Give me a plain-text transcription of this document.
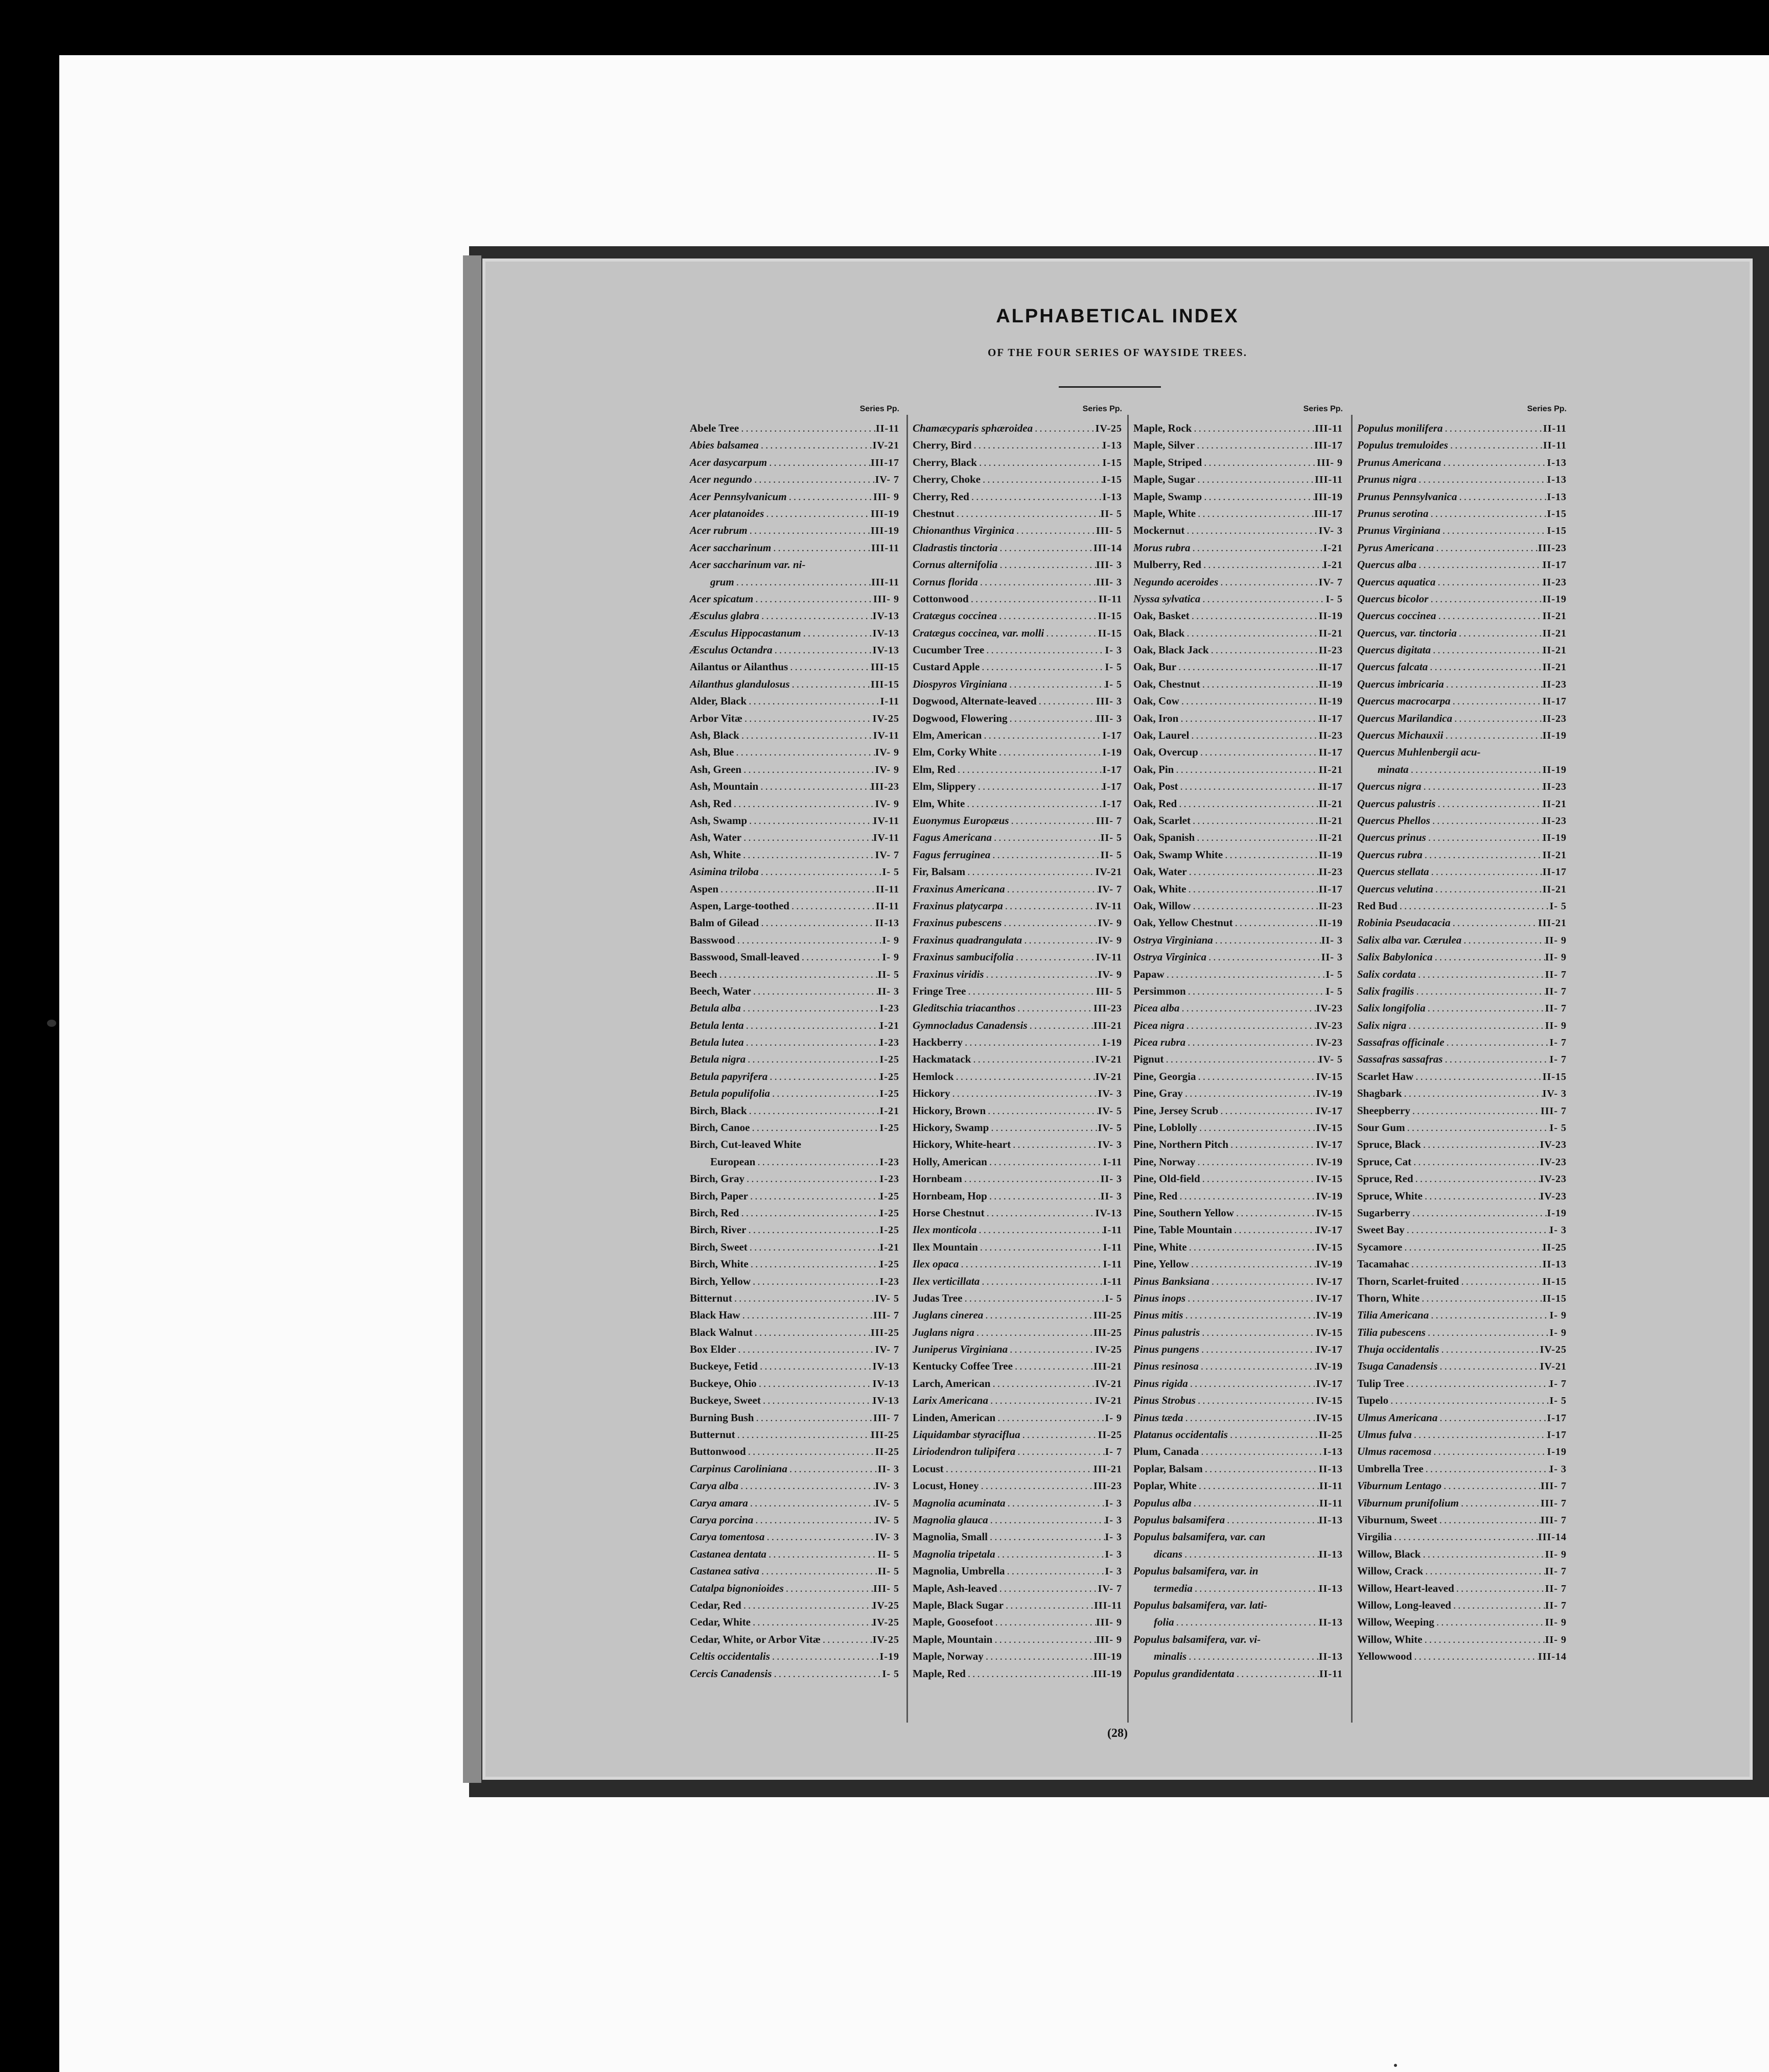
ALPHABETICAL INDEX
OF THE FOUR SERIES OF WAYSIDE TREES.
Series Pp.
Abele Tree .....	II-11
Abies balsamea .....	IV-21
Acer dasycarpum .....	III-17
Acer negundo .....	IV- 7
Acer Pennsylvanicum .....	III- 9
Acer platanoides .....	III-19
Acer rubrum .....	III-19
Acer saccharinum .....	III-11
Acer saccharinum var. ni-
grum .....	III-11
Acer spicatum .....	III- 9
Æsculus glabra .....	IV-13
Æsculus Hippocastanum .....	IV-13
Æsculus Octandra .....	IV-13
Ailantus or Ailanthus .....	III-15
Ailanthus glandulosus .....	III-15
Alder, Black .....	I-11
Arbor Vitæ .....	IV-25
Ash, Black .....	IV-11
Ash, Blue .....	IV- 9
Ash, Green .....	IV- 9
Ash, Mountain .....	III-23
Ash, Red .....	IV- 9
Ash, Swamp .....	IV-11
Ash, Water .....	IV-11
Ash, White .....	IV- 7
Asimina triloba .....	I- 5
Aspen .....	II-11
Aspen, Large-toothed .....	II-11
Balm of Gilead .....	II-13
Basswood .....	I- 9
Basswood, Small-leaved .....	I- 9
Beech .....	II- 5
Beech, Water .....	II- 3
Betula alba .....	I-23
Betula lenta .....	I-21
Betula lutea .....	I-23
Betula nigra .....	I-25
Betula papyrifera .....	I-25
Betula populifolia .....	I-25
Birch, Black .....	I-21
Birch, Canoe .....	I-25
Birch, Cut-leaved White
European .....	I-23
Birch, Gray .....	I-23
Birch, Paper .....	I-25
Birch, Red .....	I-25
Birch, River .....	I-25
Birch, Sweet .....	I-21
Birch, White .....	I-25
Birch, Yellow .....	I-23
Bitternut .....	IV- 5
Black Haw .....	III- 7
Black Walnut .....	III-25
Box Elder .....	IV- 7
Buckeye, Fetid .....	IV-13
Buckeye, Ohio .....	IV-13
Buckeye, Sweet .....	IV-13
Burning Bush .....	III- 7
Butternut .....	III-25
Buttonwood .....	II-25
Carpinus Caroliniana .....	II- 3
Carya alba .....	IV- 3
Carya amara .....	IV- 5
Carya porcina .....	IV- 5
Carya tomentosa .....	IV- 3
Castanea dentata .....	II- 5
Castanea sativa .....	II- 5
Catalpa bignonioides .....	III- 5
Cedar, Red .....	IV-25
Cedar, White .....	IV-25
Cedar, White, or Arbor Vitæ .....	IV-25
Celtis occidentalis .....	I-19
Cercis Canadensis .....	I- 5
Series Pp.
Chamæcyparis sphæroidea .....	IV-25
Cherry, Bird .....	I-13
Cherry, Black .....	I-15
Cherry, Choke .....	I-15
Cherry, Red .....	I-13
Chestnut .....	II- 5
Chionanthus Virginica .....	III- 5
Cladrastis tinctoria .....	III-14
Cornus alternifolia .....	III- 3
Cornus florida .....	III- 3
Cottonwood .....	II-11
Cratægus coccinea .....	II-15
Cratægus coccinea, var. molli .....	II-15
Cucumber Tree .....	I- 3
Custard Apple .....	I- 5
Diospyros Virginiana .....	I- 5
Dogwood, Alternate-leaved .....	III- 3
Dogwood, Flowering .....	III- 3
Elm, American .....	I-17
Elm, Corky White .....	I-19
Elm, Red .....	I-17
Elm, Slippery .....	I-17
Elm, White .....	I-17
Euonymus Europæus .....	III- 7
Fagus Americana .....	II- 5
Fagus ferruginea .....	II- 5
Fir, Balsam .....	IV-21
Fraxinus Americana .....	IV- 7
Fraxinus platycarpa .....	IV-11
Fraxinus pubescens .....	IV- 9
Fraxinus quadrangulata .....	IV- 9
Fraxinus sambucifolia .....	IV-11
Fraxinus viridis .....	IV- 9
Fringe Tree .....	III- 5
Gleditschia triacanthos .....	III-23
Gymnocladus Canadensis .....	III-21
Hackberry .....	I-19
Hackmatack .....	IV-21
Hemlock .....	IV-21
Hickory .....	IV- 3
Hickory, Brown .....	IV- 5
Hickory, Swamp .....	IV- 5
Hickory, White-heart .....	IV- 3
Holly, American .....	I-11
Hornbeam .....	II- 3
Hornbeam, Hop .....	II- 3
Horse Chestnut .....	IV-13
Ilex monticola .....	I-11
Ilex Mountain .....	I-11
Ilex opaca .....	I-11
Ilex verticillata .....	I-11
Judas Tree .....	I- 5
Juglans cinerea .....	III-25
Juglans nigra .....	III-25
Juniperus Virginiana .....	IV-25
Kentucky Coffee Tree .....	III-21
Larch, American .....	IV-21
Larix Americana .....	IV-21
Linden, American .....	I- 9
Liquidambar styraciflua .....	II-25
Liriodendron tulipifera .....	I- 7
Locust .....	III-21
Locust, Honey .....	III-23
Magnolia acuminata .....	I- 3
Magnolia glauca .....	I- 3
Magnolia, Small .....	I- 3
Magnolia tripetala .....	I- 3
Magnolia, Umbrella .....	I- 3
Maple, Ash-leaved .....	IV- 7
Maple, Black Sugar .....	III-11
Maple, Goosefoot .....	III- 9
Maple, Mountain .....	III- 9
Maple, Norway .....	III-19
Maple, Red .....	III-19
Series Pp.
Maple, Rock .....	III-11
Maple, Silver .....	III-17
Maple, Striped .....	III- 9
Maple, Sugar .....	III-11
Maple, Swamp .....	III-19
Maple, White .....	III-17
Mockernut .....	IV- 3
Morus rubra .....	I-21
Mulberry, Red .....	I-21
Negundo aceroides .....	IV- 7
Nyssa sylvatica .....	I- 5
Oak, Basket .....	II-19
Oak, Black .....	II-21
Oak, Black Jack .....	II-23
Oak, Bur .....	II-17
Oak, Chestnut .....	II-19
Oak, Cow .....	II-19
Oak, Iron .....	II-17
Oak, Laurel .....	II-23
Oak, Overcup .....	II-17
Oak, Pin .....	II-21
Oak, Post .....	II-17
Oak, Red .....	II-21
Oak, Scarlet .....	II-21
Oak, Spanish .....	II-21
Oak, Swamp White .....	II-19
Oak, Water .....	II-23
Oak, White .....	II-17
Oak, Willow .....	II-23
Oak, Yellow Chestnut .....	II-19
Ostrya Virginiana .....	II- 3
Ostrya Virginica .....	II- 3
Papaw .....	I- 5
Persimmon .....	I- 5
Picea alba .....	IV-23
Picea nigra .....	IV-23
Picea rubra .....	IV-23
Pignut .....	IV- 5
Pine, Georgia .....	IV-15
Pine, Gray .....	IV-19
Pine, Jersey Scrub .....	IV-17
Pine, Loblolly .....	IV-15
Pine, Northern Pitch .....	IV-17
Pine, Norway .....	IV-19
Pine, Old-field .....	IV-15
Pine, Red .....	IV-19
Pine, Southern Yellow .....	IV-15
Pine, Table Mountain .....	IV-17
Pine, White .....	IV-15
Pine, Yellow .....	IV-19
Pinus Banksiana .....	IV-17
Pinus inops .....	IV-17
Pinus mitis .....	IV-19
Pinus palustris .....	IV-15
Pinus pungens .....	IV-17
Pinus resinosa .....	IV-19
Pinus rigida .....	IV-17
Pinus Strobus .....	IV-15
Pinus tæda .....	IV-15
Platanus occidentalis .....	II-25
Plum, Canada .....	I-13
Poplar, Balsam .....	II-13
Poplar, White .....	II-11
Populus alba .....	II-11
Populus balsamifera .....	II-13
Populus balsamifera, var. can
dicans .....	II-13
Populus balsamifera, var. in
termedia .....	II-13
Populus balsamifera, var. lati-
folia .....	II-13
Populus balsamifera, var. vi-
minalis .....	II-13
Populus grandidentata .....	II-11
Series Pp.
Populus monilifera .....	II-11
Populus tremuloides .....	II-11
Prunus Americana .....	I-13
Prunus nigra .....	I-13
Prunus Pennsylvanica .....	I-13
Prunus serotina .....	I-15
Prunus Virginiana .....	I-15
Pyrus Americana .....	III-23
Quercus alba .....	II-17
Quercus aquatica .....	II-23
Quercus bicolor .....	II-19
Quercus coccinea .....	II-21
Quercus, var. tinctoria .....	II-21
Quercus digitata .....	II-21
Quercus falcata .....	II-21
Quercus imbricaria .....	II-23
Quercus macrocarpa .....	II-17
Quercus Marilandica .....	II-23
Quercus Michauxii .....	II-19
Quercus Muhlenbergii acu-
minata .....	II-19
Quercus nigra .....	II-23
Quercus palustris .....	II-21
Quercus Phellos .....	II-23
Quercus prinus .....	II-19
Quercus rubra .....	II-21
Quercus stellata .....	II-17
Quercus velutina .....	II-21
Red Bud .....	I- 5
Robinia Pseudacacia .....	III-21
Salix alba var. Cærulea .....	II- 9
Salix Babylonica .....	II- 9
Salix cordata .....	II- 7
Salix fragilis .....	II- 7
Salix longifolia .....	II- 7
Salix nigra .....	II- 9
Sassafras officinale .....	I- 7
Sassafras sassafras .....	I- 7
Scarlet Haw .....	II-15
Shagbark .....	IV- 3
Sheepberry .....	III- 7
Sour Gum .....	I- 5
Spruce, Black .....	IV-23
Spruce, Cat .....	IV-23
Spruce, Red .....	IV-23
Spruce, White .....	IV-23
Sugarberry .....	I-19
Sweet Bay .....	I- 3
Sycamore .....	II-25
Tacamahac .....	II-13
Thorn, Scarlet-fruited .....	II-15
Thorn, White .....	II-15
Tilia Americana .....	I- 9
Tilia pubescens .....	I- 9
Thuja occidentalis .....	IV-25
Tsuga Canadensis .....	IV-21
Tulip Tree .....	I- 7
Tupelo .....	I- 5
Ulmus Americana .....	I-17
Ulmus fulva .....	I-17
Ulmus racemosa .....	I-19
Umbrella Tree .....	I- 3
Viburnum Lentago .....	III- 7
Viburnum prunifolium .....	III- 7
Viburnum, Sweet .....	III- 7
Virgilia .....	III-14
Willow, Black .....	II- 9
Willow, Crack .....	II- 7
Willow, Heart-leaved .....	II- 7
Willow, Long-leaved .....	II- 7
Willow, Weeping .....	II- 9
Willow, White .....	II- 9
Yellowwood .....	III-14
(28)
